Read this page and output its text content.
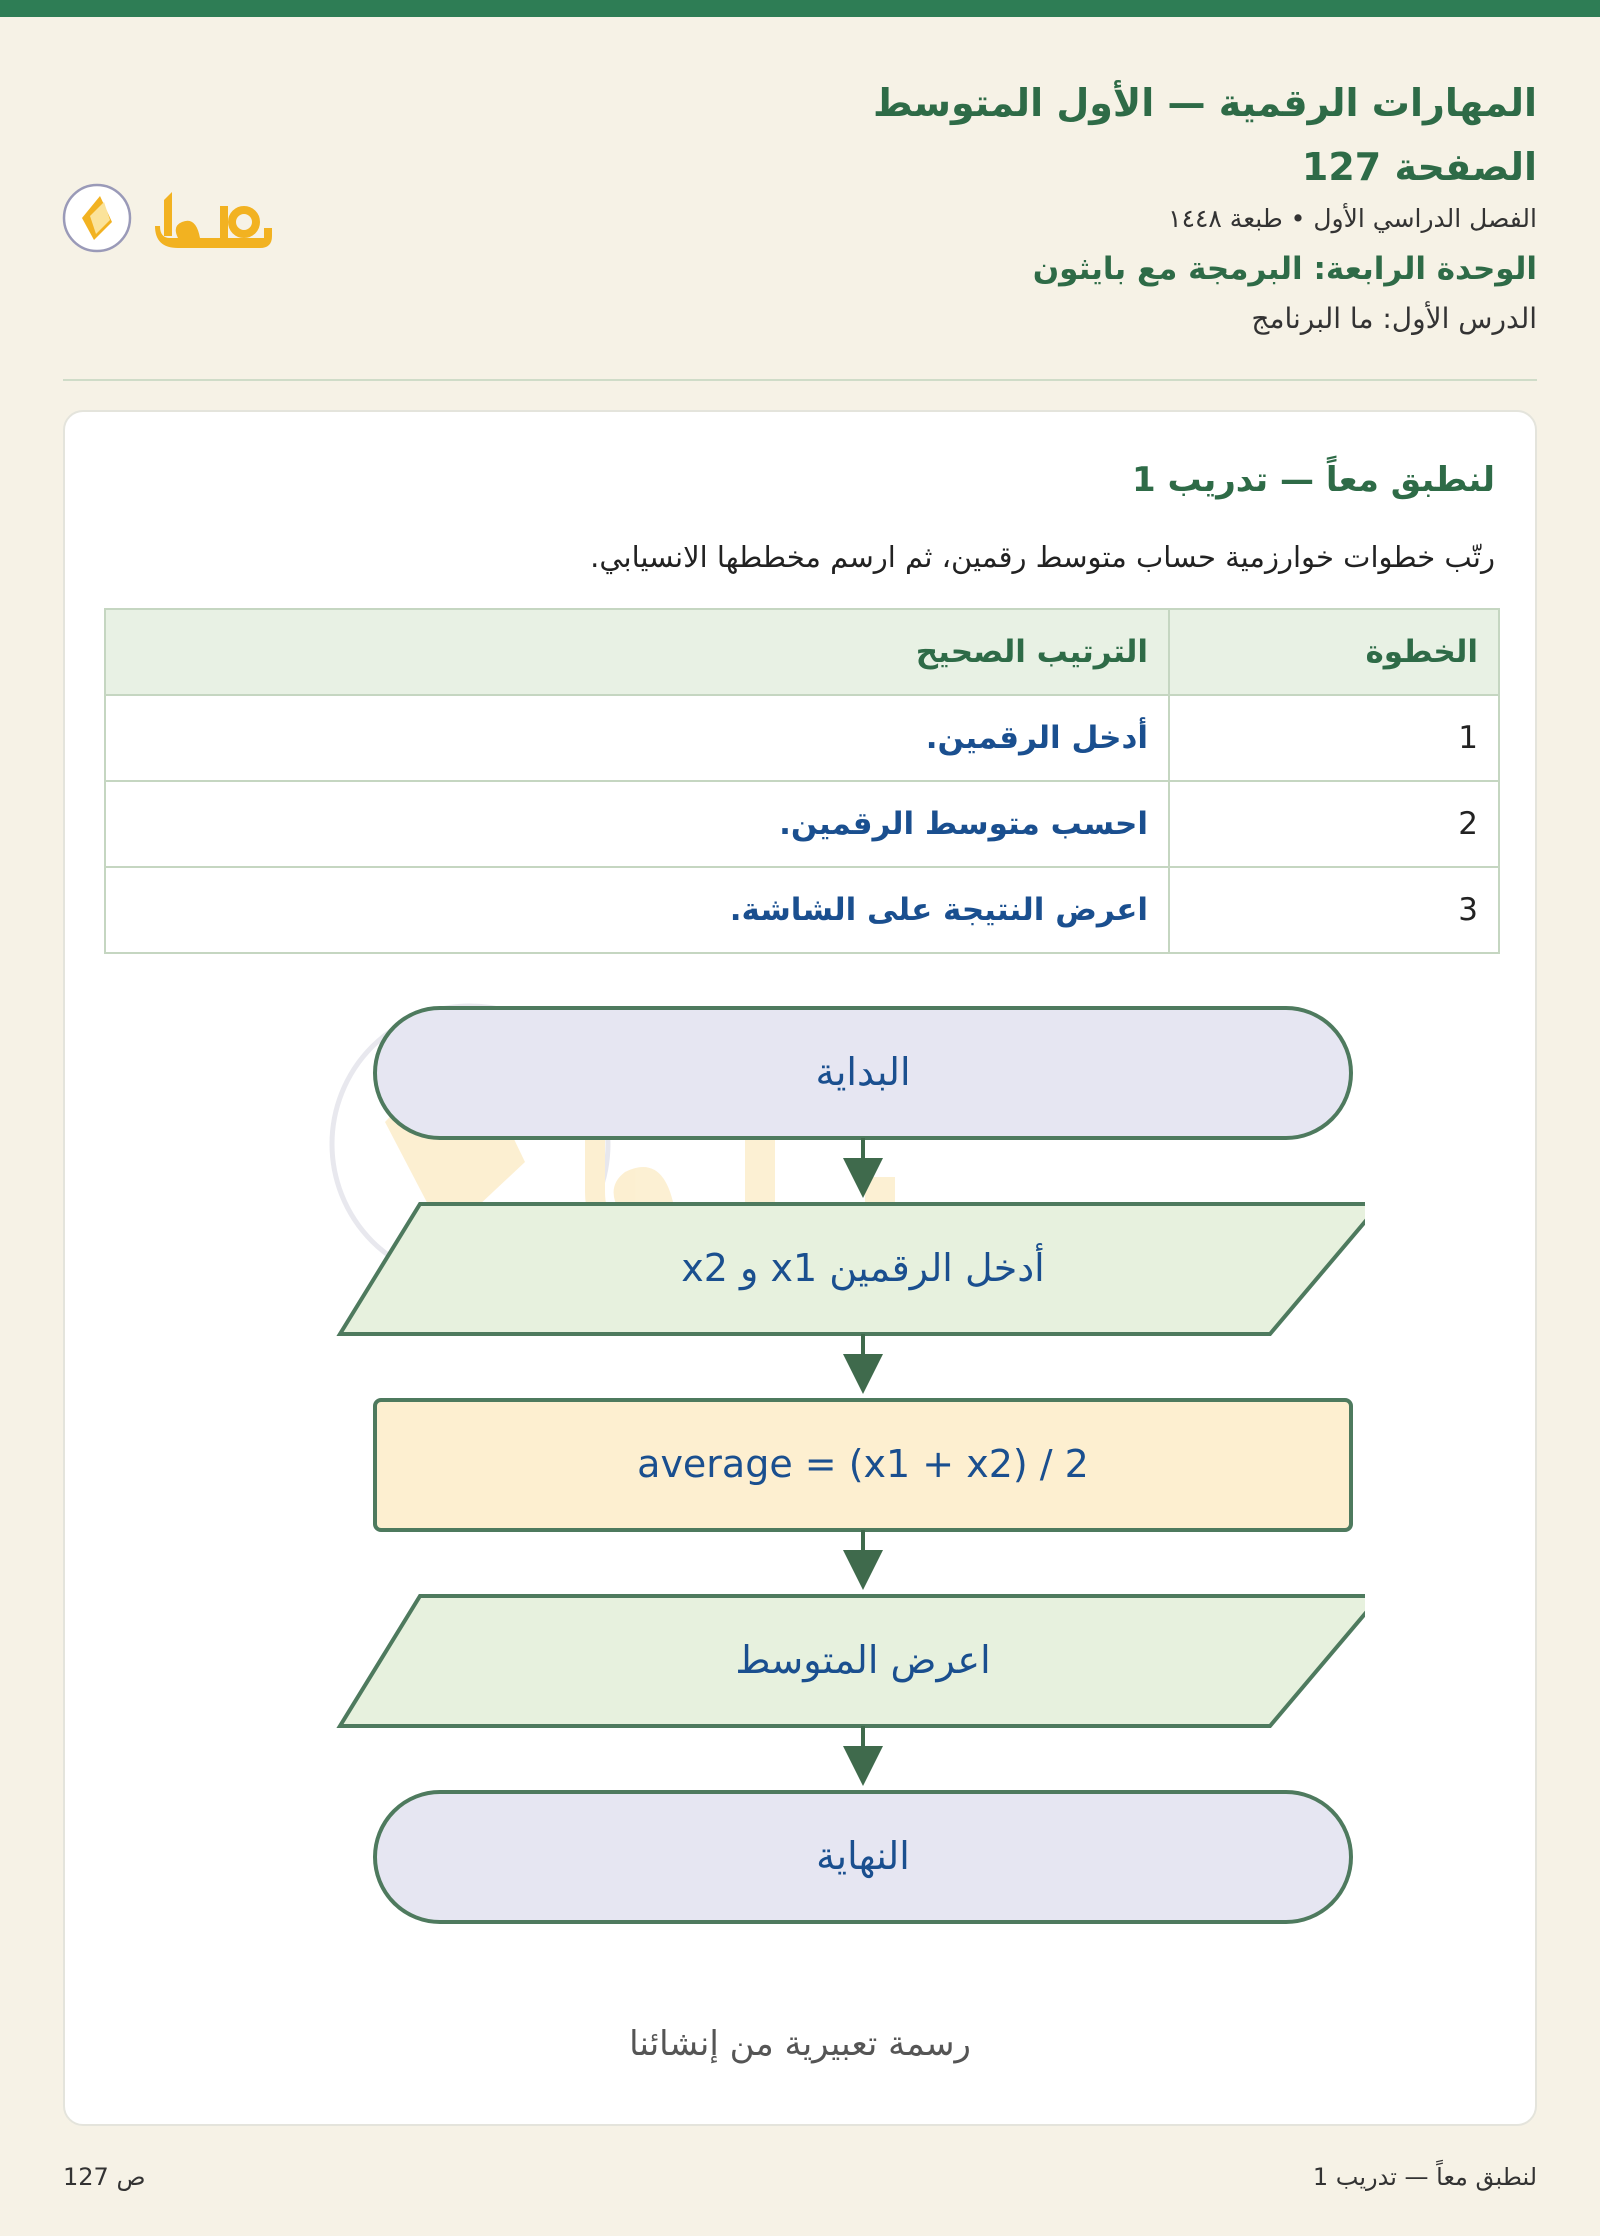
المهارات الرقمية — الأول المتوسط
الصفحة 127
الفصل الدراسي الأول • طبعة ١٤٤٨
الوحدة الرابعة: البرمجة مع بايثون
الدرس الأول: ما البرنامج
لنطبق معاً — تدريب 1
رتّب خطوات خوارزمية حساب متوسط رقمين، ثم ارسم مخططها الانسيابي.
الخطوة	الترتيب الصحيح
1	أدخل الرقمين.
2	احسب متوسط الرقمين.
3	اعرض النتيجة على الشاشة.
البداية
أدخل الرقمين x1 و x2
average = (x1 + x2) / 2
اعرض المتوسط
النهاية
رسمة تعبيرية من إنشائنا
ص 127	لنطبق معاً — تدريب 1
